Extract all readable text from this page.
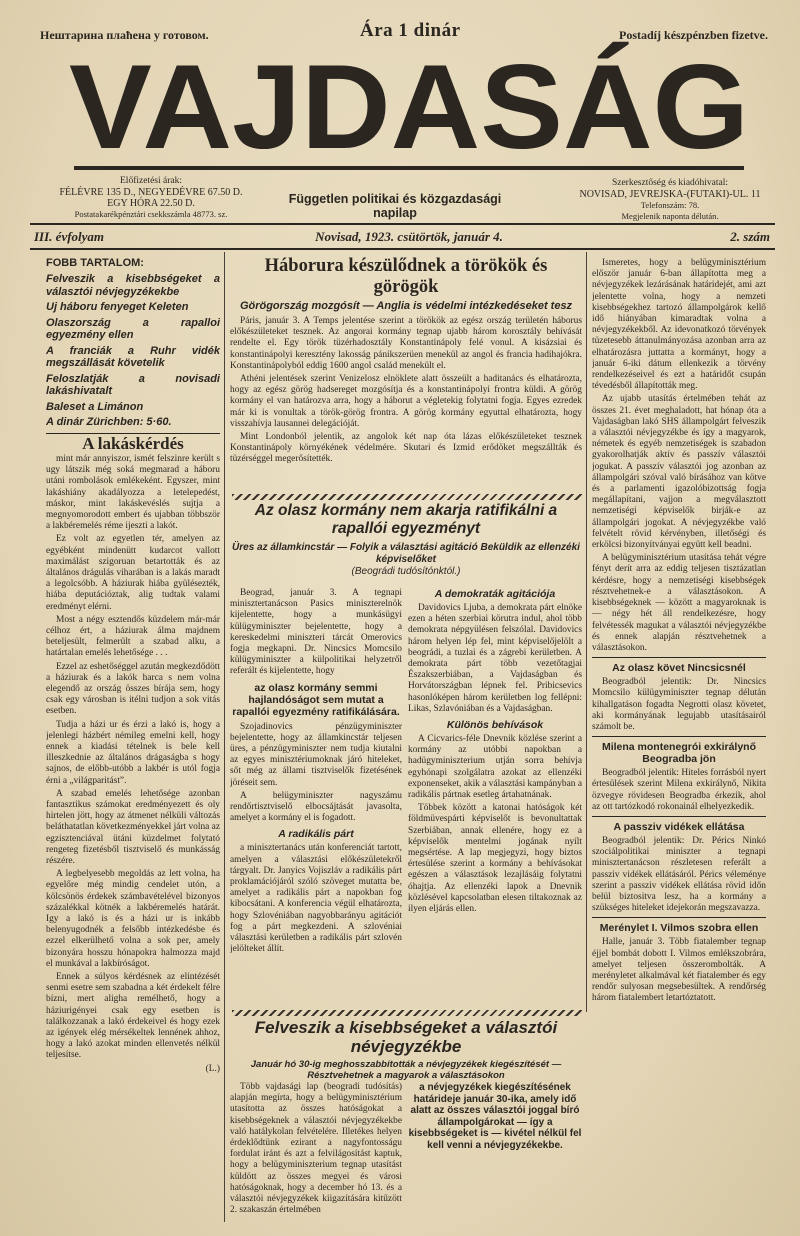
Нештарина плаћена у готовом.	Ára 1 dinár	Postadíj készpénzben fizetve.
VAJDASÁG
Előfizetési árak:
FÉLÉVRE 135 D., NEGYEDÉVRE 67.50 D.
EGY HÓRA 22.50 D.
Postatakarékpénztári csekkszámla 48773. sz.
Független politikai és közgazdasági napilap
Szerkesztőség és kiadóhivatal:
NOVISAD, JEVREJSKA-(FUTAKI)-UL. 11
Telefonszám: 78.
Megjelenik naponta délután.
III. évfolyam	Novisad, 1923. csütörtök, január 4.	2. szám
FŐBB TARTALOM:
Felveszik a kisebbségeket a választói névjegyzékekbe
Uj háboru fenyeget Keleten
Olaszország a rapalloi egyezmény ellen
A franciák a Ruhr vidék megszállását követelik
Feloszlatják a novisadi lakáshivatalt
Baleset a Limánon
A dinár Zürichben: 5·60.
A lakáskérdés

mint már annyiszor, ismét felszinre került s ugy látszik még soká megmarad a háboru utáni rombolások emlékeként. Egyszer, mint lakáshiány akadályozza a letelepedést, máskor, mint lakáskevéslés sujtja a megnyomorodott embert és ujabban többször a lakbéremelés réme ijeszti a lakót.

Ez volt az egyetlen tér, amelyen az egyébként mindenütt kudarcot vallott maximálást szigoruan betartották és az általános drágulás viharában is a lakás maradt a legolcsóbb. A háziurak hiába gyülésezték, hiába deputációztak, alig tudtak valami eredményt elérni.

Most a négy esztendős küzdelem már-már célhoz ért, a háziurak álma majdnem beteljesült, felmerült a szabad alku, a határtalan emelés lehetősége . . .

Ezzel az eshetőséggel azután megkezdődött a háziurak és a lakók harca s nem volna elegendő az ország összes bírája sem, hogy csak egy városban is itélni tudjon a sok vitás esetben.

Tudja a házi ur és érzi a lakó is, hogy a jelenlegi házbért némileg emelni kell, hogy ennek a kiadási tételnek is bele kell illeszkednie az általános drágaságba s hogy sajnos, de előbb-utóbb a lakbér is utól fogja érni a „világparitást”.

A szabad emelés lehetősége azonban fantasztikus számokat eredményezett és oly hirtelen jött, hogy az átmenet nélküli változás beláthatatlan következményekkel járt volna az egzisztenciával ütáni küzdelmet folytató rengeteg fizetésből tisztviselő és munkásság részére.

A legbelyesebb megoldás az lett volna, ha egyelőre még mindig cendelet utón, a kölcsönös érdekek számbavételével bizonyos százalékkal kötnék a lakbéremelés határát. Igy a lakó is és a házi ur is inkább belenyugodnék a felsőbb intézkedésbe és ezzel elkerülhető volna a sok per, amely bizonyára hosszu hónapokra halmozza majd el munkával a lakbíróságot.

Ennek a súlyos kérdésnek az elintézését senmi esetre sem szabadna a két érdekelt félre bízni, mert aligha remélhető, hogy a háziurigényei csak egy esetben is találkozzanak a lakó érdekeivel és hogy ezek az igények elég mérsékeltek lennének ahhoz, hogy a lakó azokat minden ellenvetés nélkül teljesítse.

(L.)
Háborura készülődnek a törökök és görögök
Görögország mozgósít — Anglia is védelmi intézkedéseket tesz

Páris, január 3. A Temps jelentése szerint a törökök az egész ország területén háborus előkészületeket tesznek. Az angorai kormány tegnap ujabb három korosztály behívását rendelte el. Egy török tüzérhadosztály Konstantinápoly felé vonul. A kisázsiai és konstantinápolyi keresztény lakosság pánikszerüen menekül az angol és francia hadihajókra. Konstantinápolyból eddig 1600 angol család menekült el.

Athéni jelentések szerint Venizelosz elnöklete alatt összeült a haditanács és elhatározta, hogy az egész görög hadsereget mozgósítja és a konstantinápolyi frontra küldi. A görög kormány el van határozva arra, hogy a háborut a végletekig folytatni fogja. Egyes ezredek már ki is vonultak a török-görög frontra. A görög kormány egyuttal elhatározta, hogy visszahívja lausannei delegációját.

Mint Londonból jelentik, az angolok két nap óta lázas előkészületeket tesznek Konstantinápoly környékének védelmére. Skutari és Izmid erődöket megszállták és tüzérséggel megerősítették.

Az olasz kormány nem akarja ratifikálni a rapallói egyezményt
Üres az államkincstár — Folyik a választási agitáció Beküldik az ellenzéki képviselőket
(Beográdi tudósítónktól.)

Beograd, január 3. A tegnapi minisztertanácson Pasics miniszterelnök kijelentette, hogy a munkásügyi külügyminiszter bejelentette, hogy a kereskedelmi miniszteri tárcát Omerovics fogja megkapni. Dr. Nincsics Momcsilo külügyminiszter a külpolitikai helyzetről referált és kijelentette, hogy

az olasz kormány semmi hajlandóságot sem mutat a rapallói egyezmény ratifikálására.

Szojadinovics pénzügyminiszter bejelentette, hogy az államkincstár teljesen üres, a pénzügyminiszter nem tudja kiutalni az egyes minisztériumoknak járó hiteleket, sőt még az állami tisztviselők fizetésének jöréseit sem.

A belügyminiszter nagyszámu rendőrtisztviselő elbocsájtását javasolta, amelyet a kormány el is fogadott.

A radikális párt

a minisztertanács után konferenciát tartott, amelyen a választási előkészületekről tárgyalt. Dr. Janyics Vojiszláv a radikális párt proklamációjáról szóló szöveget mutatta be, amelyet a radikális párt a napokban fog kibocsátani. A konferencia végül elhatározta, hogy Szlovéniában nagyobbarányu agitációt fog a párt megkezdeni. A szlovéniai választási kerületben a radikális párt szlovén jelölteket állít.

A demokraták agitációja

Davidovics Ljuba, a demokrata párt elnöke ezen a héten szerbiai körutra indul, ahol több demokrata népgyülésen felszólal. Davidovics három helyen lép fel, mint képviselőjelölt a beográdi, a tuzlai és a zágrebi kerületben. A demokrata párt több vezetőtagjai Északszerbiában, a Vajdaságban és Horvátországban lépnek fel. Pribicsevics hasonlóképen három kerületben log fellépni: Likas, Szlavóniában és a Vajdaságban.

Különös behívások

A Cicvarics-féle Dnevnik közlése szerint a kormány az utóbbi napokban a hadügyminiszterium utján sorra behívja egyhónapi szolgálatra azokat az ellenzéki exponenseket, akik a választási kampányban a radikális pártnak esetleg ártahatnának.

Többek között a katonai hatóságok két földmüvespárti képviselőt is bevonultattak Szerbiában, annak ellenére, hogy ez a képviselők mentelmi jogának nyílt megsértése. A lap megjegyzi, hogy biztos értesülése szerint a kormány a behívásokat egészen a választások lezajlásáig folytatni óhajtja. Az ellenzéki lapok a Dnevnik közlésével kapcsolatban elesen tiltakoznak az ilyen eljárás ellen.

Felveszik a kisebbségeket a választói névjegyzékbe
Január hó 30-ig meghosszabbították a névjegyzékek kiegészítését — Résztvehetnek a magyarok a választásokon

Több vajdasági lap (beogradi tudósítás) alapján megírta, hogy a belügyminisztérium utasította az összes hatóságokat a kisebbségeknek a választói névjegyzékekbe való hatálykolan felvételére. Illetékes helyen érdeklődtünk ezirant a nagyfontosságu fordulat iránt és azt a felvilágosítást kaptuk, hogy a belügyminiszterium tegnap utasítást küldött az összes megyei és városi hatóságoknak, hogy a december hó 13. és a választói névjegyzékek kiigazítására kitűzött 2. szakaszán értelmében

a névjegyzékek kiegészítésének határideje január 30-ika, amely idő alatt az összes választói joggal bíró állampolgárokat — így a kisebbségeket is — kivétel nélkül fel kell venni a névjegyzékekbe.

Ismeretes, hogy a belügyminisztérium először január 6-ban állapította meg a névjegyzékek lezárásának határidejét, ami azt jelentette volna, hogy a nemzeti kisebbségekhez tartozó állampolgárok kellő idő hiányában kimaradtak volna a névjegyzékekből. Az idevonatkozó törvények tüzetesebb áttanulmányozása azonban arra az elhatározásra juttatta a kormányt, hogy a január 6-iki dátum ellenkezik a törvény rendelkezéseivel és ezt a határidőt csupán tévedésből állapították meg.

Az ujabb utasítás értelmében tehát az összes 21. évet meghaladott, hat hónap óta a Vajdaságban lakó SHS állampolgárt felveszik a választói névjegyzékbe és így a magyarok, németek és egyéb nemzetiségek is szabadon gyakorolhatják aktív és passzív választói jogukat. A passzív választói jog azonban az állampolgári szóval való bírásához van kötve és a parlamenti igazolóbizottság fogja megállapítani, vajjon a megválasztott nemzetiségi képviselők birják-e az állampolgári jogokat. A névjegyzékbe való felvételt rövid kérvényben, illetőségi és erkölcsi bizonyítványai együtt kell beadni.

A belügyminisztérium utasítása tehát végre fényt derít arra az eddig teljesen tisztázatlan kérdésre, hogy a nemzetiségi kisebbségek résztvehetnek-e a választásokon. A kisebbségeknek — között a magyaroknak is — négy hét áll rendelkezésre, hogy felvétessék magukat a választói névjegyzékbe és ennek alapján résztvehetnek a választásokon.

Az olasz követ Nincsicsnél

Beogradból jelentik: Dr. Nincsics Momcsilo külügyminiszter tegnap délután kihallgatáson fogadta Negrotti olasz követet, aki kormányának legujabb utasításairól számolt be.

Milena montenegrói exkirálynő Beogradba jön

Beogradból jelentik: Hiteles forrásból nyert értesülések szerint Milena exkirálynő, Nikita özvegye rövidesen Beogradba érkezik, ahol az ott tartózkodó rokonainál elhelyezkedik.

A passziv vidékek ellátása

Beogradból jelentik: Dr. Pérics Ninkó szociálpolitikai miniszter a tegnapi minisztertanácson részletesen referált a passziv vidékek ellátásáról. Pérics véleménye szerint a passziv vidékek ellátása rövid időn belül biztositva lesz, ha a kormány a szükséges hiteleket idejekorán megszavazza.

Merénylet I. Vilmos szobra ellen

Halle, január 3. Több fiatalember tegnap éjjel bombát dobott I. Vilmos emlékszobrára, amelyet teljesen összerombolták. A merényletet alkalmával két fiatalember és egy rendőr sulyosan megsebesültek. A rendőrség három fiatalembert letartóztatott.
